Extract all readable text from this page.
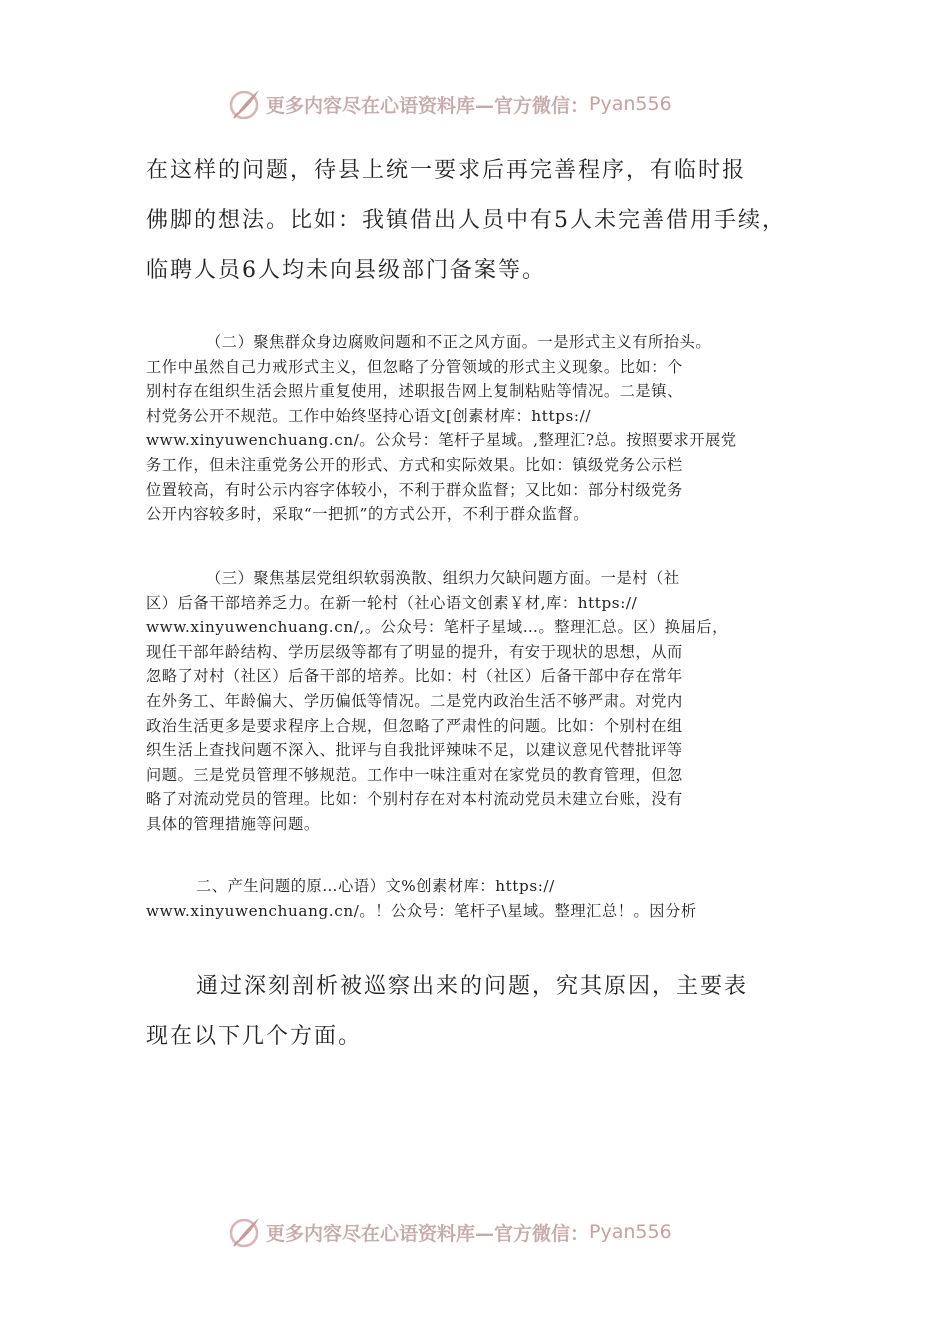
更多内容尽在心语资料库—官方微信： Pyan556
在这样的问题，待县上统一要求后再完善程序，有临时报
佛脚的想法。比如：我镇借出人员中有5人未完善借用手续，
临聘人员6人均未向县级部门备案等。
（二）聚焦群众身边腐败问题和不正之风方面。一是形式主义有所抬头。
工作中虽然自己力戒形式主义，但忽略了分管领域的形式主义现象。比如：个
别村存在组织生活会照片重复使用，述职报告网上复制粘贴等情况。二是镇、
村党务公开不规范。工作中始终坚持心语文[创素材库：https://
www.xinyuwenchuang.cn/。公众号：笔杆子星域。,整理汇?总。按照要求开展党
务工作，但未注重党务公开的形式、方式和实际效果。比如：镇级党务公示栏
位置较高，有时公示内容字体较小，不利于群众监督；又比如：部分村级党务
公开内容较多时，采取“一把抓”的方式公开，不利于群众监督。
（三）聚焦基层党组织软弱涣散、组织力欠缺问题方面。一是村（社
区）后备干部培养乏力。在新一轮村（社心语文创素￥材,库：https://
www.xinyuwenchuang.cn/,。公众号：笔杆子星域…。整理汇总。区）换届后，
现任干部年龄结构、学历层级等都有了明显的提升，有安于现状的思想，从而
忽略了对村（社区）后备干部的培养。比如：村（社区）后备干部中存在常年
在外务工、年龄偏大、学历偏低等情况。二是党内政治生活不够严肃。对党内
政治生活更多是要求程序上合规，但忽略了严肃性的问题。比如：个别村在组
织生活上查找问题不深入、批评与自我批评辣味不足，以建议意见代替批评等
问题。三是党员管理不够规范。工作中一味注重对在家党员的教育管理，但忽
略了对流动党员的管理。比如：个别村存在对本村流动党员未建立台账，没有
具体的管理措施等问题。
二、产生问题的原…心语）文%创素材库：https://
www.xinyuwenchuang.cn/。！公众号：笔杆子\星域。整理汇总！。因分析
通过深刻剖析被巡察出来的问题，究其原因，主要表
现在以下几个方面。
更多内容尽在心语资料库—官方微信： Pyan556
